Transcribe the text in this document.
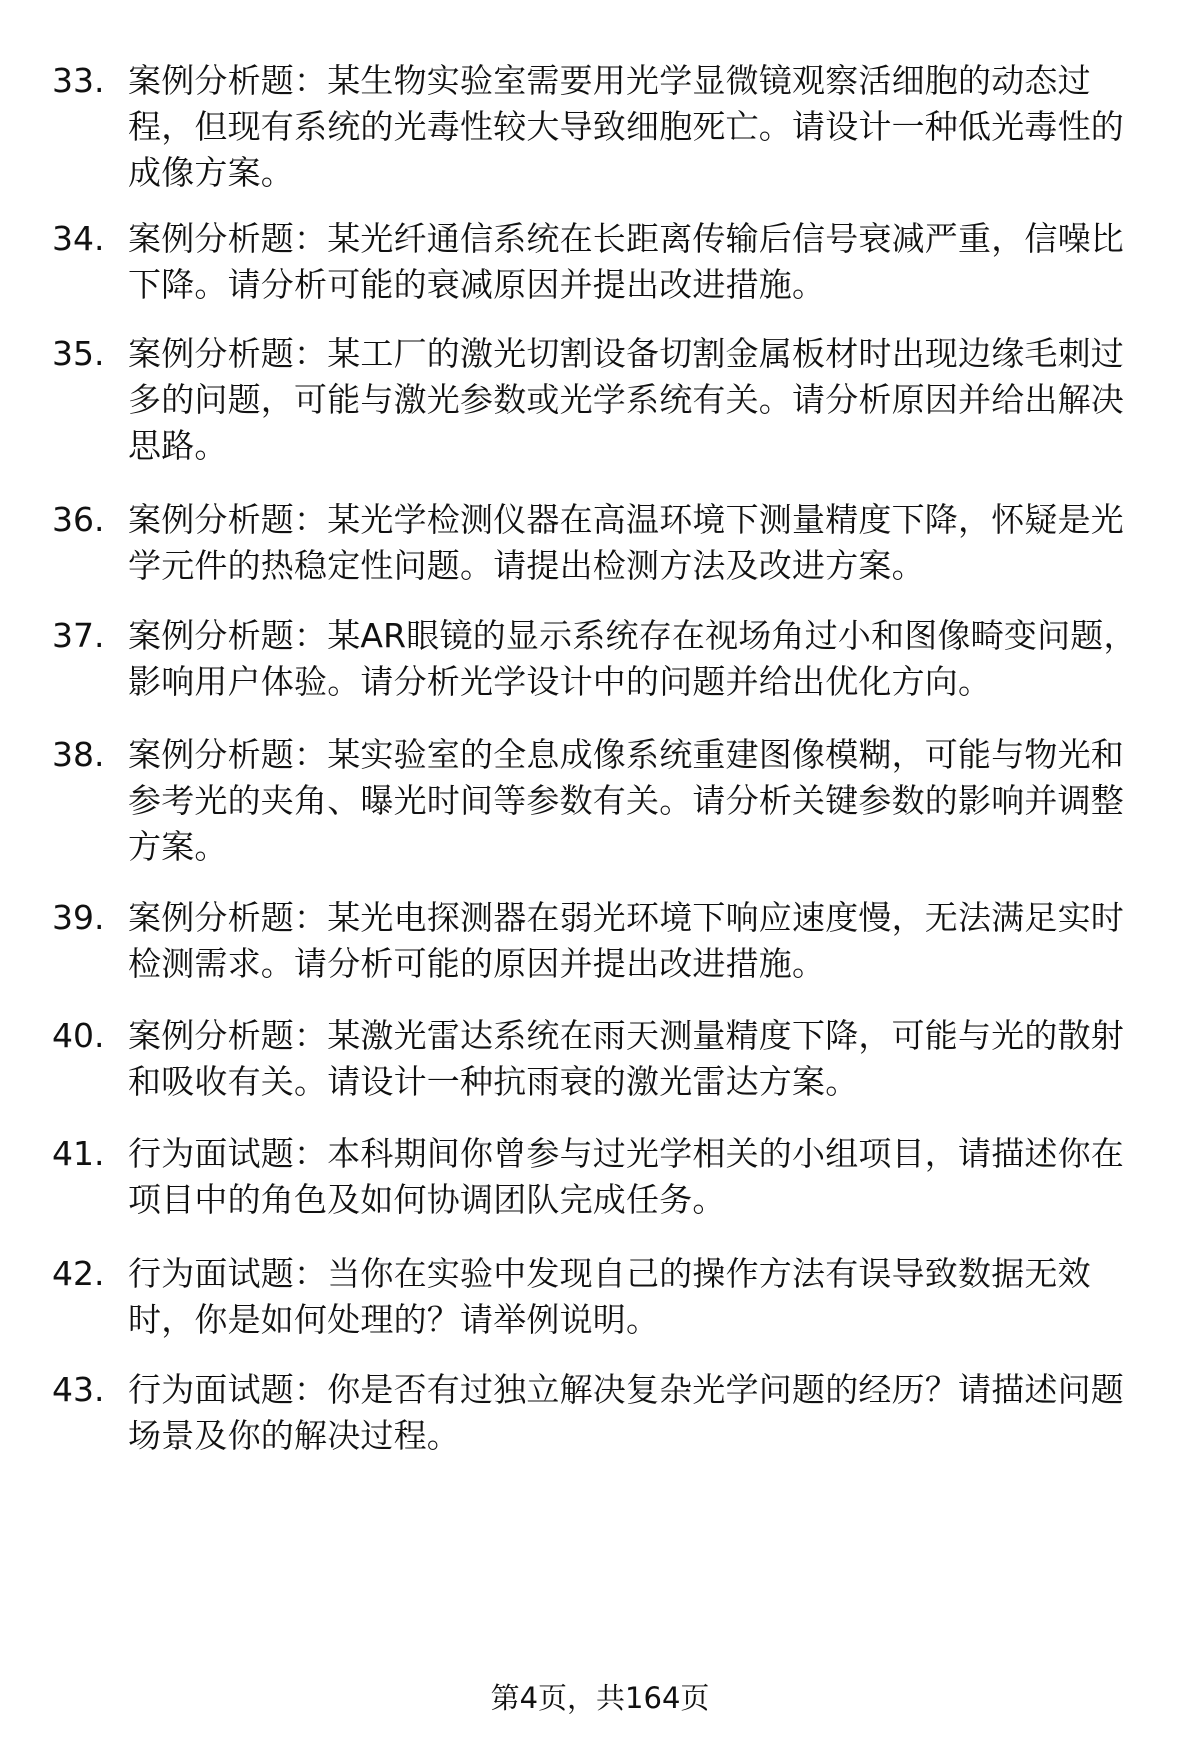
33. 案例分析题：某生物实验室需要用光学显微镜观察活细胞的动态过程，但现有系统的光毒性较大导致细胞死亡。请设计一种低光毒性的成像方案。
34. 案例分析题：某光纤通信系统在长距离传输后信号衰减严重，信噪比下降。请分析可能的衰减原因并提出改进措施。
35. 案例分析题：某工厂的激光切割设备切割金属板材时出现边缘毛刺过多的问题，可能与激光参数或光学系统有关。请分析原因并给出解决思路。
36. 案例分析题：某光学检测仪器在高温环境下测量精度下降，怀疑是光学元件的热稳定性问题。请提出检测方法及改进方案。
37. 案例分析题：某AR眼镜的显示系统存在视场角过小和图像畸变问题，影响用户体验。请分析光学设计中的问题并给出优化方向。
38. 案例分析题：某实验室的全息成像系统重建图像模糊，可能与物光和参考光的夹角、曝光时间等参数有关。请分析关键参数的影响并调整方案。
39. 案例分析题：某光电探测器在弱光环境下响应速度慢，无法满足实时检测需求。请分析可能的原因并提出改进措施。
40. 案例分析题：某激光雷达系统在雨天测量精度下降，可能与光的散射和吸收有关。请设计一种抗雨衰的激光雷达方案。
41. 行为面试题：本科期间你曾参与过光学相关的小组项目，请描述你在项目中的角色及如何协调团队完成任务。
42. 行为面试题：当你在实验中发现自己的操作方法有误导致数据无效时，你是如何处理的？请举例说明。
43. 行为面试题：你是否有过独立解决复杂光学问题的经历？请描述问题场景及你的解决过程。
第4页，共164页
